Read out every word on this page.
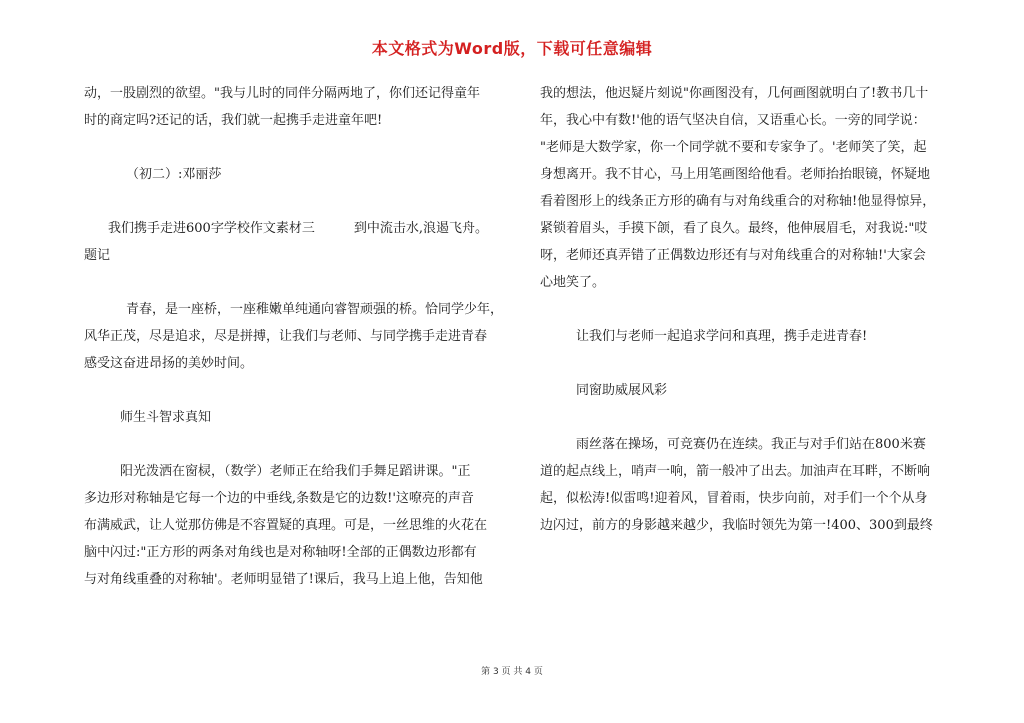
本文格式为Word版，下载可任意编辑

动，一股剧烈的欲望。"我与儿时的同伴分隔两地了，你们还记得童年

时的商定吗?还记的话，我们就一起携手走进童年吧!

（初二）:邓丽莎

我们携手走进600字学校作文素材三　　　到中流击水,浪遏飞舟。

题记

青春，是一座桥，一座稚嫩单纯通向睿智顽强的桥。恰同学少年，

风华正茂，尽是追求，尽是拼搏，让我们与老师、与同学携手走进青春

感受这奋进昂扬的美妙时间。

师生斗智求真知

阳光泼洒在窗棂，（数学）老师正在给我们手舞足蹈讲课。"正

多边形对称轴是它每一个边的中垂线,条数是它的边数!'这嘹亮的声音

布满威武，让人觉那仿佛是不容置疑的真理。可是，一丝思维的火花在

脑中闪过:"正方形的两条对角线也是对称轴呀!全部的正偶数边形都有

与对角线重叠的对称轴'。老师明显错了!课后，我马上追上他，告知他

我的想法，他迟疑片刻说"你画图没有，几何画图就明白了!教书几十

年，我心中有数!'他的语气坚决自信，又语重心长。一旁的同学说：

"老师是大数学家，你一个同学就不要和专家争了。'老师笑了笑，起

身想离开。我不甘心，马上用笔画图给他看。老师抬抬眼镜，怀疑地

看着图形上的线条正方形的确有与对角线重合的对称轴!他显得惊异，

紧锁着眉头，手摸下颌，看了良久。最终，他伸展眉毛，对我说:"哎

呀，老师还真弄错了正偶数边形还有与对角线重合的对称轴!'大家会

心地笑了。

让我们与老师一起追求学问和真理，携手走进青春!

同窗助威展风彩

雨丝落在操场，可竞赛仍在连续。我正与对手们站在800米赛

道的起点线上，哨声一响，箭一般冲了出去。加油声在耳畔，不断响

起，似松涛!似雷鸣!迎着风，冒着雨，快步向前，对手们一个个从身

边闪过，前方的身影越来越少，我临时领先为第一!400、300到最终

第 3 页 共 4 页
